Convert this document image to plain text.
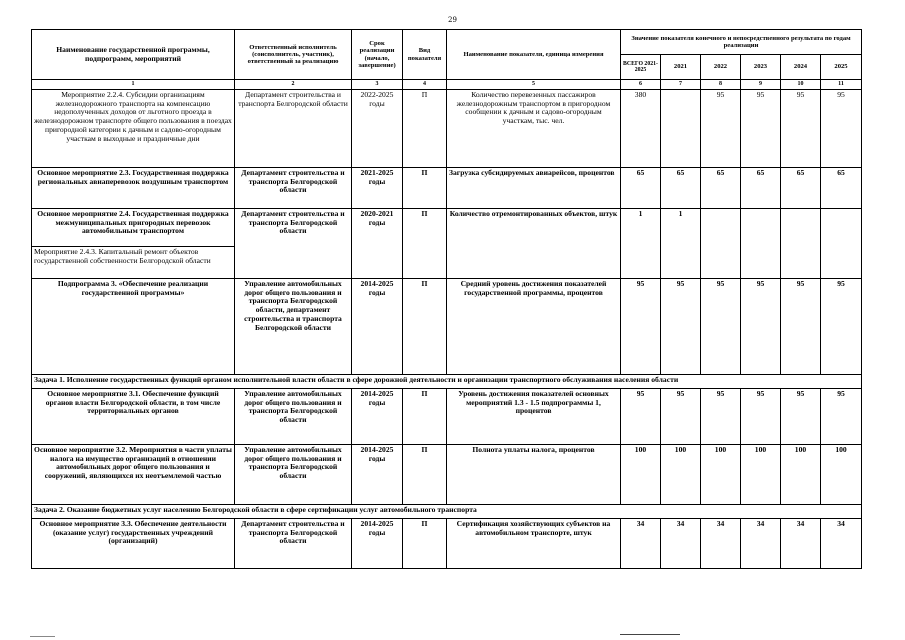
29
Наименование государственной программы, подпрограмм, мероприятий	Ответственный исполнитель (соисполнитель, участник), ответственный за реализацию	Срок реализации (начало, завершение)	Вид показателя	Наименование показателя, единица измерения	Значение показателя конечного и непосредственного результата по годам реализации					
					ВСЕГО 2021-2025	2021	2022	2023	2024	2025
1	2	3	4	5	6	7	8	9	10	11
Мероприятие 2.2.4. Субсидии организациям железнодорожного транспорта на компенсацию недополученных доходов от льготного проезда в железнодорожном транспорте общего пользования в поездах пригородной категории к дачным и садово-огородным участкам в выходные и праздничные дни	Департамент строительства и транспорта Белгородской области	2022-2025 годы	П	Количество перевезенных пассажиров железнодорожным транспортом в пригородном сообщении к дачным и садово-огородным участкам, тыс. чел.	380		95	95	95	95
Основное мероприятие 2.3. Государственная поддержка региональных авиаперевозок воздушным транспортом	Департамент строительства и транспорта Белгородской области	2021-2025 годы	П	Загрузка субсидируемых авиарейсов, процентов	65	65	65	65	65	65
Основное мероприятие 2.4. Государственная поддержка межмуниципальных пригородных перевозок автомобильным транспортом	Департамент строительства и транспорта Белгородской области	2020-2021 годы	П	Количество отремонтированных объектов, штук	1	1				
Мероприятие 2.4.3. Капитальный ремонт объектов государственной собственности Белгородской области										
Подпрограмма 3. «Обеспечение реализации государственной программы»	Управление автомобильных дорог общего пользования и транспорта Белгородской области, департамент строительства и транспорта Белгородской области	2014-2025 годы	П	Средний уровень достижения показателей государственной программы, процентов	95	95	95	95	95	95
Задача 1. Исполнение государственных функций органом исполнительной власти области в сфере дорожной деятельности и организации транспортного обслуживания населения области										
Основное мероприятие 3.1. Обеспечение функций органов власти Белгородской области, в том числе территориальных органов	Управление автомобильных дорог общего пользования и транспорта Белгородской области	2014-2025 годы	П	Уровень достижения показателей основных мероприятий 1.3 - 1.5 подпрограммы 1, процентов	95	95	95	95	95	95
Основное мероприятие 3.2. Мероприятия в части уплаты налога на имущество организаций в отношении автомобильных дорог общего пользования и сооружений, являющихся их неотъемлемой частью	Управление автомобильных дорог общего пользования и транспорта Белгородской области	2014-2025 годы	П	Полнота уплаты налога, процентов	100	100	100	100	100	100
Задача 2. Оказание бюджетных услуг населению Белгородской области в сфере сертификации услуг автомобильного транспорта										
Основное мероприятие 3.3. Обеспечение деятельности (оказание услуг) государственных учреждений (организаций)	Департамент строительства и транспорта Белгородской области	2014-2025 годы	П	Сертификация хозяйствующих субъектов на автомобильном транспорте, штук	34	34	34	34	34	34
